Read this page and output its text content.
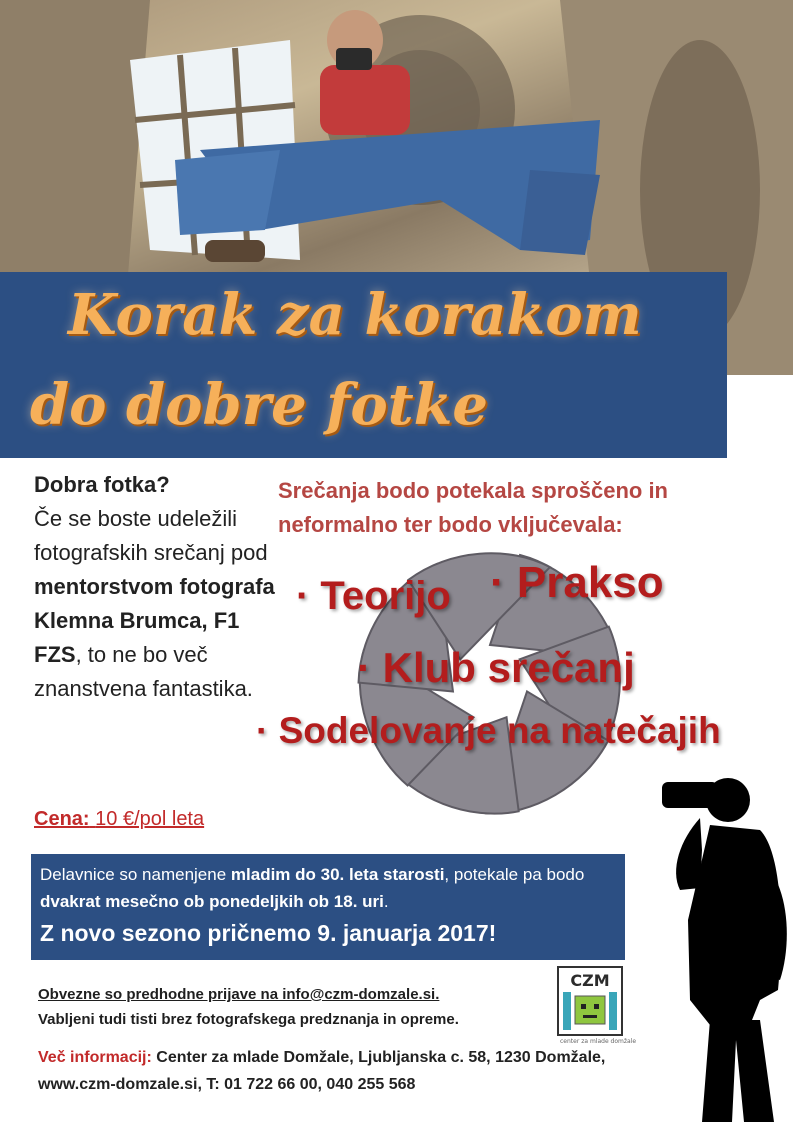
Korak za korakom
do dobre fotke
Dobra fotka?
Če se boste udeležili fotografskih srečanj pod mentorstvom fotografa Klemna Brumca, F1 FZS, to ne bo več znanstvena fantastika.
Srečanja bodo potekala sproščeno in neformalno ter bodo vključevala:
· Teorijo · Prakso
· Klub srečanj
· Sodelovanje na natečajih
Cena: 10 €/pol leta
Delavnice so namenjene mladim do 30. leta starosti, potekale pa bodo dvakrat mesečno ob ponedeljkih ob 18. uri.
Z novo sezono pričnemo 9. januarja 2017!
Obvezne so predhodne prijave na info@czm-domzale.si.
Vabljeni tudi tisti brez fotografskega predznanja in opreme.
CZM
center za mlade domžale
Več informacij: Center za mlade Domžale, Ljubljanska c. 58, 1230 Domžale,
www.czm-domzale.si, T: 01 722 66 00, 040 255 568
